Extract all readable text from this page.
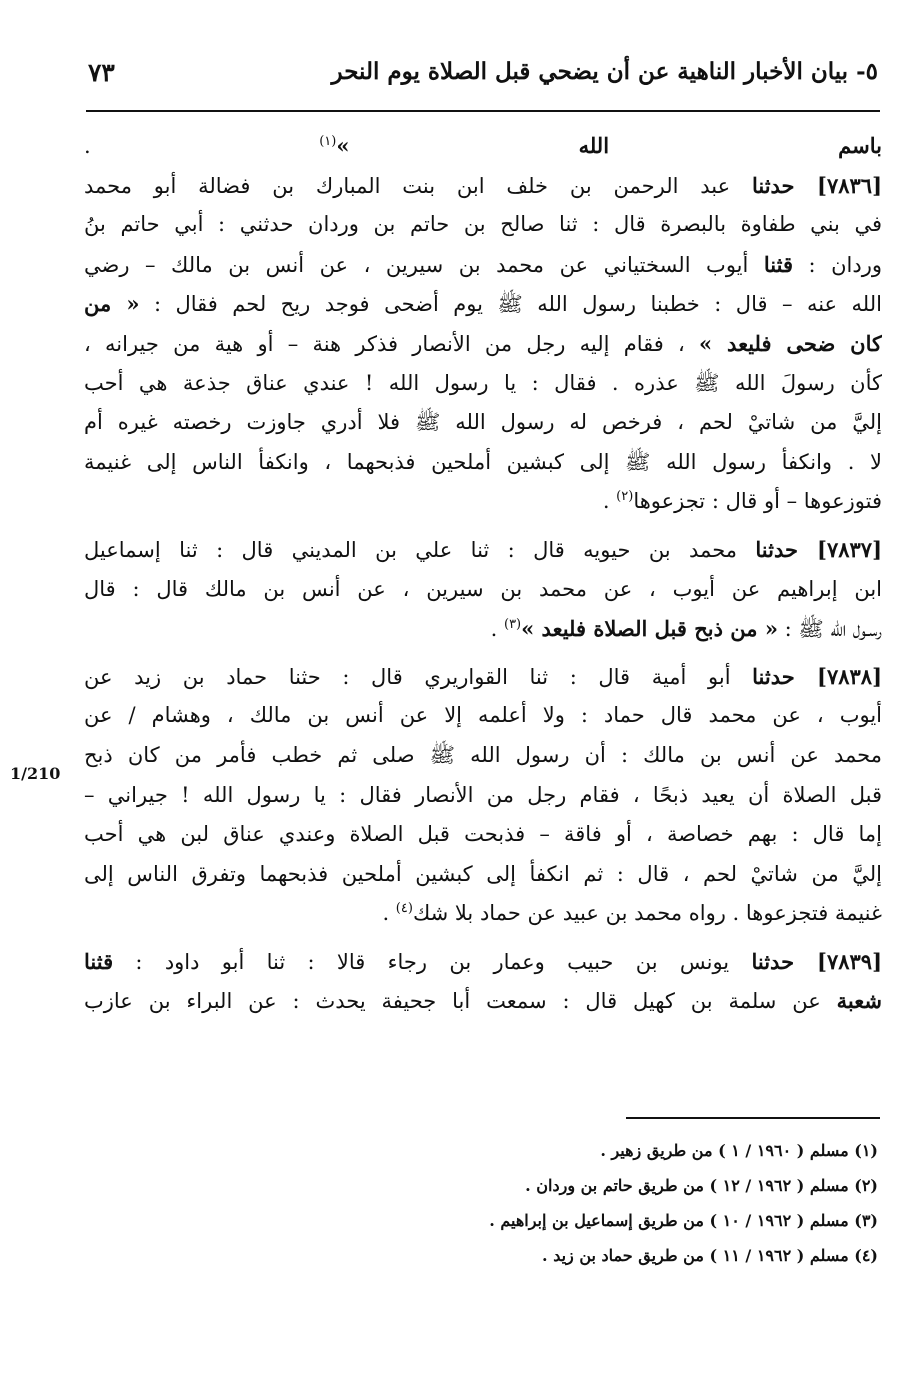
٥- بيان الأخبار الناهية عن أن يضحي قبل الصلاة يوم النحر
٧٣
1/210
باسم الله »$^{(١)}$ .
[٧٨٣٦] حدثنا عبد الرحمن بن خلف ابن بنت المبارك بن فضالة أبو محمد
في بني طفاوة بالبصرة قال : ثنا صالح بن حاتم بن وردان حدثني : أبي حاتم بنُ
وردان : قثنا أيوب السختياني عن محمد بن سيرين ، عن أنس بن مالك – رضي
الله عنه – قال : خطبنا رسول الله ﷺ يوم أضحى فوجد ريح لحم فقال : « من
كان ضحى فليعد » ، فقام إليه رجل من الأنصار فذكر هنة – أو هية من جيرانه ،
كأن رسولَ الله ﷺ عذره . فقال : يا رسول الله ! عندي عناق جذعة هي أحب
إليَّ من شاتيْ لحم ، فرخص له رسول الله ﷺ فلا أدري جاوزت رخصته غيره أم
لا . وانكفأ رسول الله ﷺ إلى كبشين أملحين فذبحهما ، وانكفأ الناس إلى غنيمة
فتوزعوها – أو قال : تجزعوها$^{(٢)}$ .
[٧٨٣٧] حدثنا محمد بن حيويه قال : ثنا علي بن المديني قال : ثنا إسماعيل
ابن إبراهيم عن أيوب ، عن محمد بن سيرين ، عن أنس بن مالك قال : قال
رسـول الله ﷺ : « من ذبح قبل الصلاة فليعد »$^{(٣)}$ .
[٧٨٣٨] حدثنا أبو أمية قال : ثنا القواريري قال : حثنا حماد بن زيد عن
أيوب ، عن محمد قال حماد : ولا أعلمه إلا عن أنس بن مالك ، وهشام / عن
محمد عن أنس بن مالك : أن رسول الله ﷺ صلى ثم خطب فأمر من كان ذبح
قبل الصلاة أن يعيد ذبحًا ، فقام رجل من الأنصار فقال : يا رسول الله ! جيراني –
إما قال : بهم خصاصة ، أو فاقة – فذبحت قبل الصلاة وعندي عناق لبن هي أحب
إليَّ من شاتيْ لحم ، قال : ثم انكفأ إلى كبشين أملحين فذبحهما وتفرق الناس إلى
غنيمة فتجزعوها . رواه محمد بن عبيد عن حماد بلا شك$^{(٤)}$ .
[٧٨٣٩] حدثنا يونس بن حبيب وعمار بن رجاء قالا : ثنا أبو داود : قثنا
شعبة عن سلمة بن كهيل قال : سمعت أبا جحيفة يحدث : عن البراء بن عازب
(١) مسلم ( ١٩٦٠ / ١ ) من طريق زهير .
(٢) مسلم ( ١٩٦٢ / ١٢ ) من طريق حاتم بن وردان .
(٣) مسلم ( ١٩٦٢ / ١٠ ) من طريق إسماعيل بن إبراهيم .
(٤) مسلم ( ١٩٦٢ / ١١ ) من طريق حماد بن زيد .
